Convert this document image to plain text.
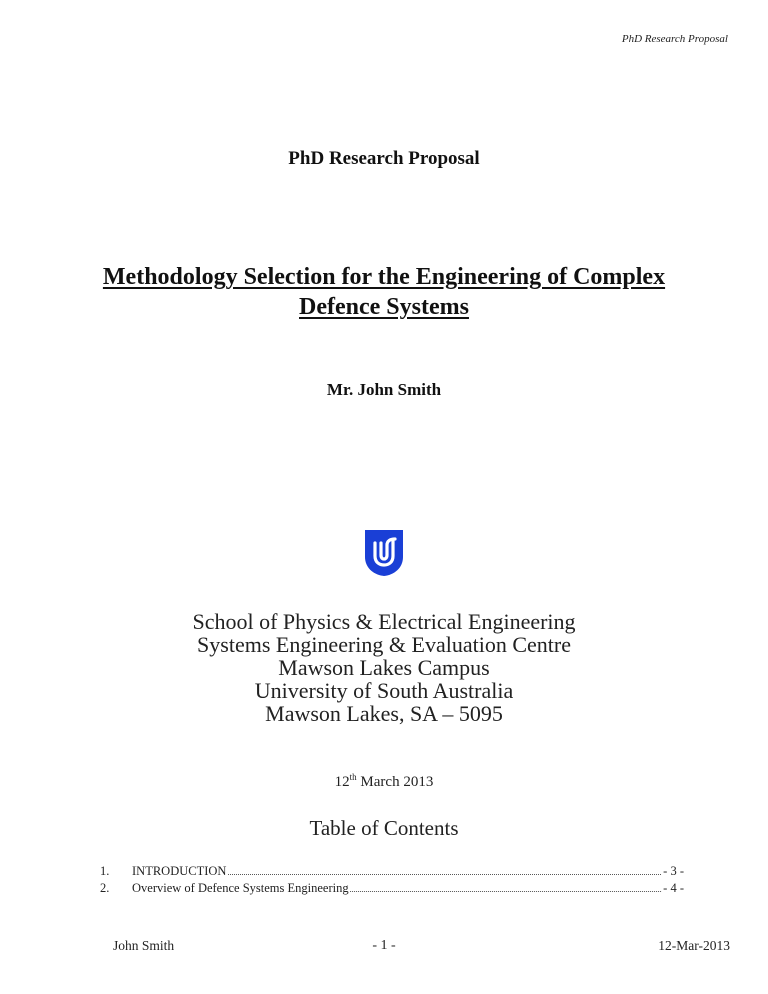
PhD Research Proposal
PhD Research Proposal
Methodology Selection for the Engineering of Complex Defence Systems
Mr. John Smith
School of Physics & Electrical Engineering
Systems Engineering & Evaluation Centre
Mawson Lakes Campus
University of South Australia
Mawson Lakes, SA – 5095
12th March 2013
Table of Contents
1.	INTRODUCTION .....	- 3 -
2.	Overview of Defence Systems Engineering .....	- 4 -
John Smith	- 1 -	12-Mar-2013
